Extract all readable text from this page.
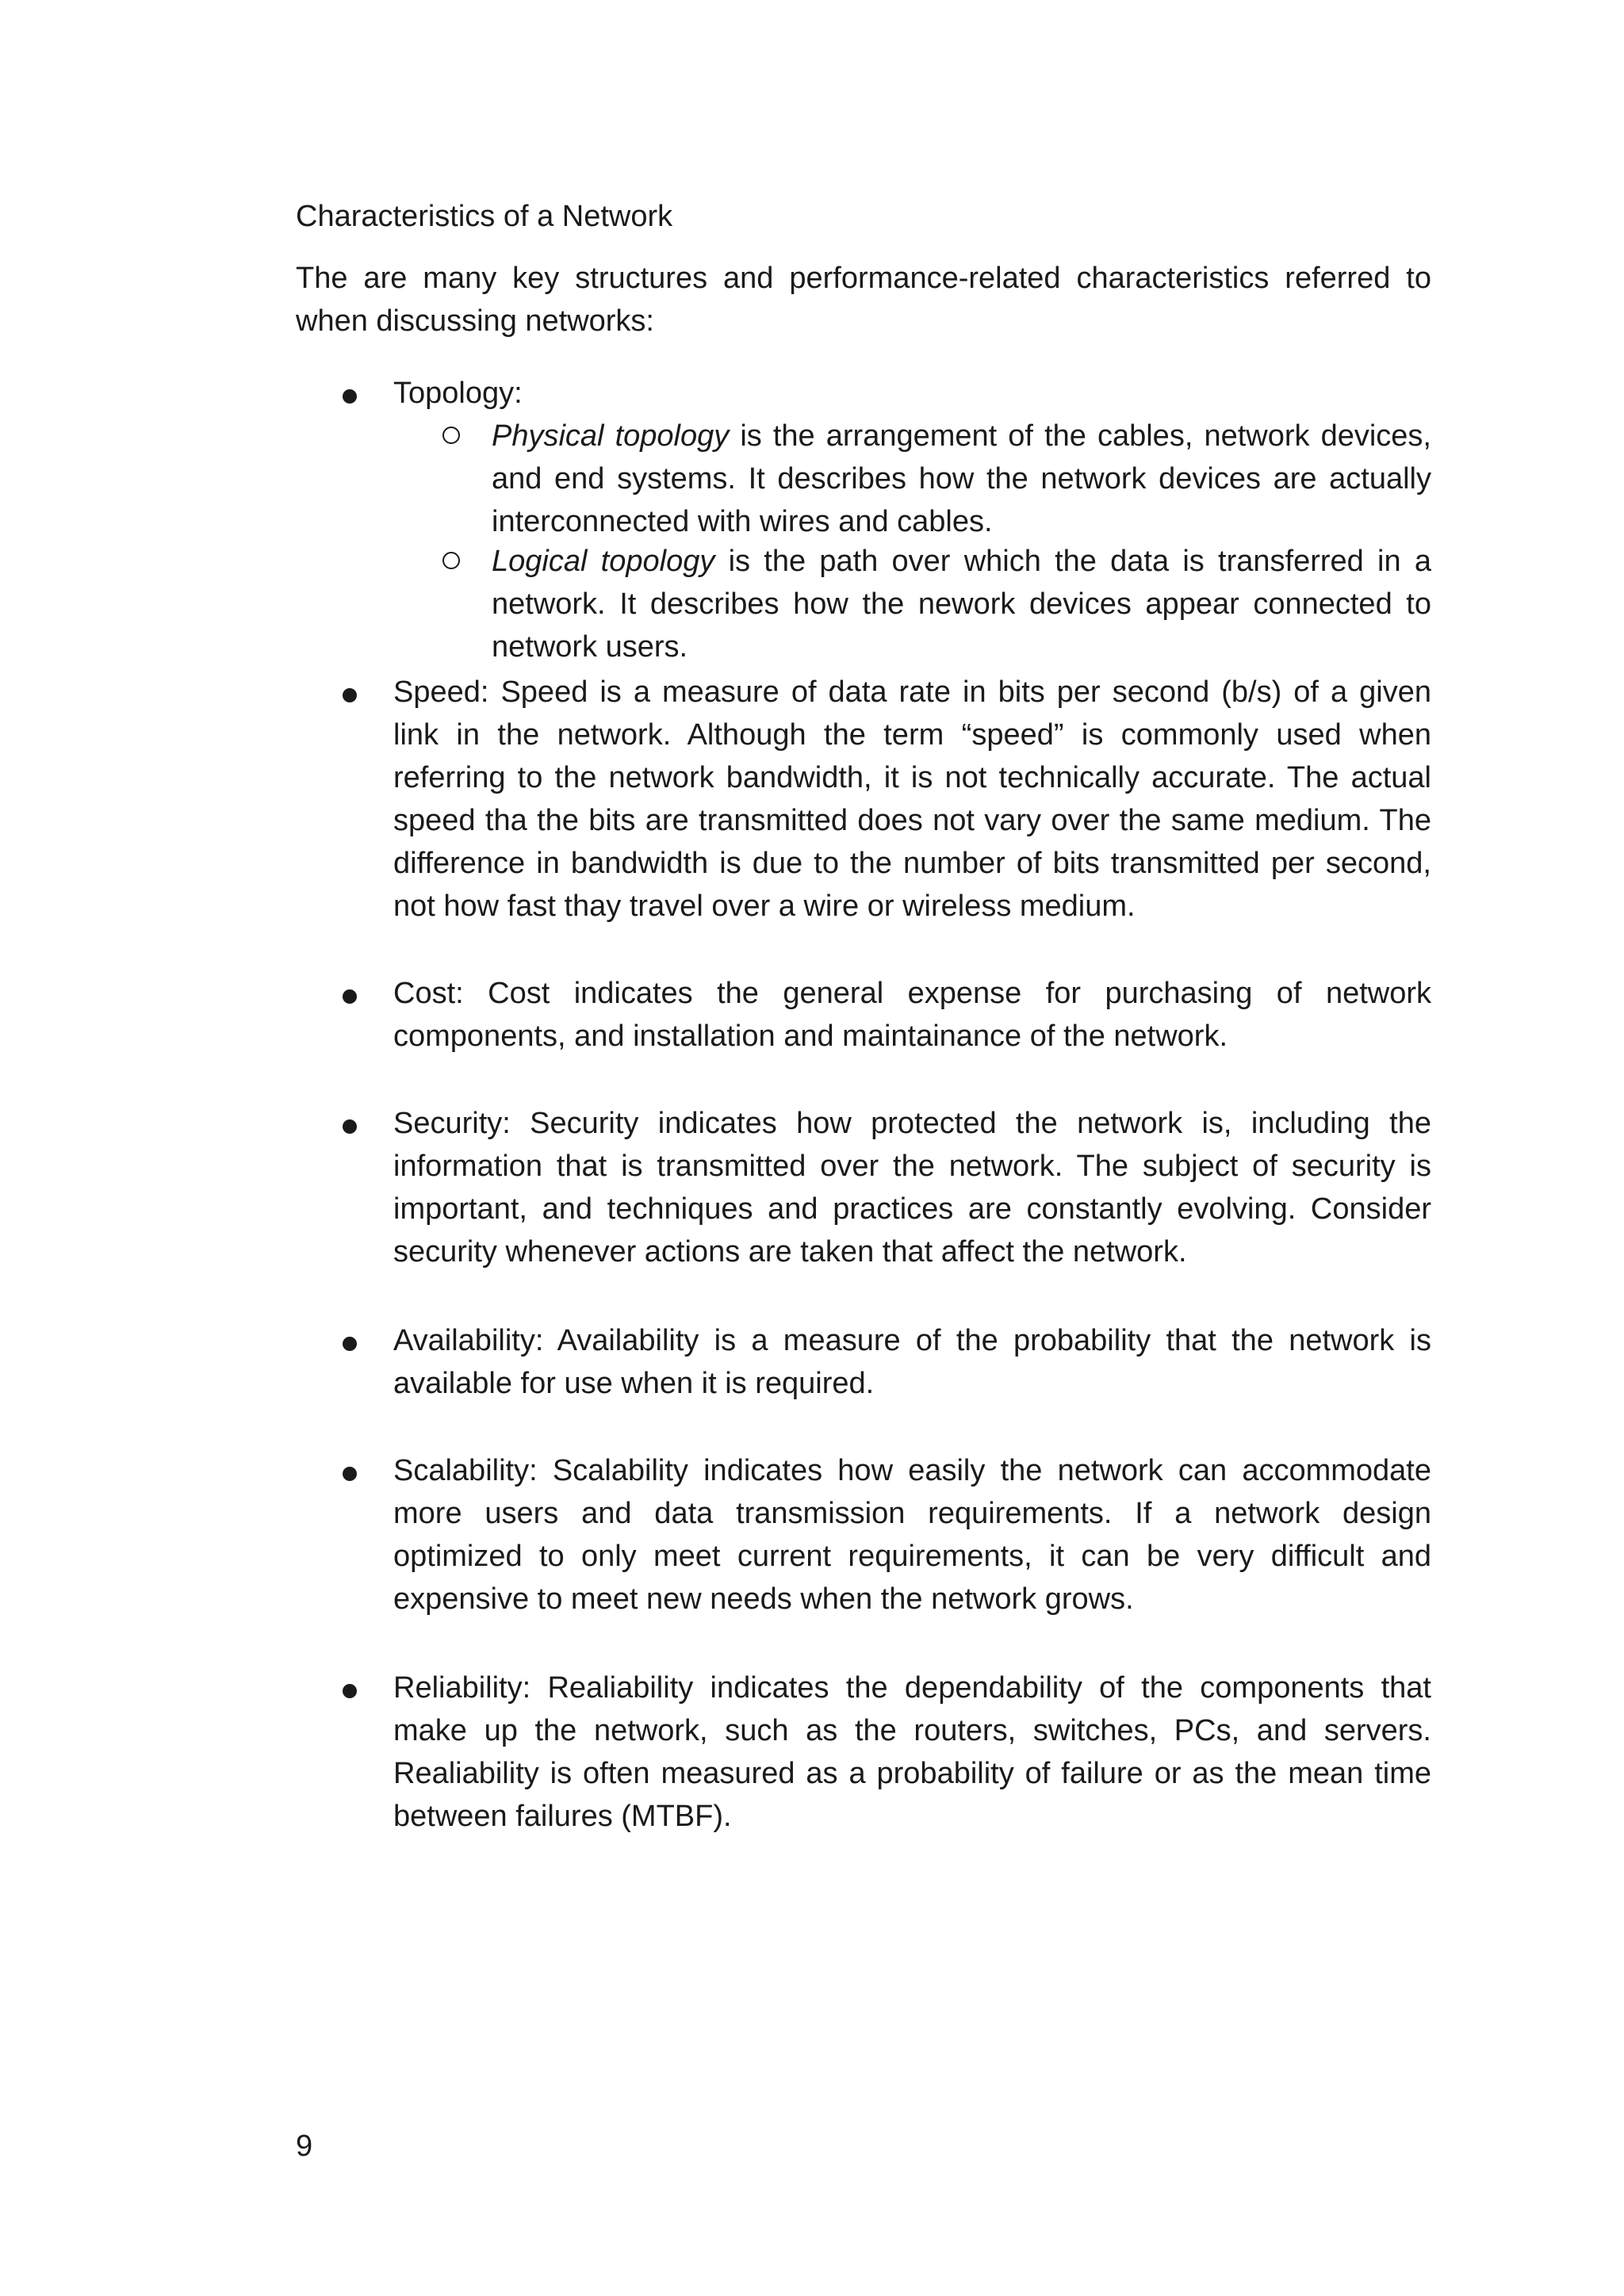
Characteristics of a Network

The are many key structures and performance-related characteristics referred to when discussing networks:

Topology:
Physical topology is the arrangement of the cables, network devices, and end systems. It describes how the network devices are actually interconnected with wires and cables.
Logical topology is the path over which the data is transferred in a network. It describes how the nework devices appear connected to network users.
Speed: Speed is a measure of data rate in bits per second (b/s) of a given link in the network. Although the term “speed” is commonly used when referring to the network bandwidth, it is not technically accurate. The actual speed tha the bits are transmitted does not vary over the same medium. The difference in bandwidth is due to the number of bits transmitted per second, not how fast thay travel over a wire or wireless medium.
Cost: Cost indicates the general expense for purchasing of network components, and installation and maintainance of the network.
Security: Security indicates how protected the network is, including the information that is transmitted over the network. The subject of security is important, and techniques and practices are constantly evolving. Consider security whenever actions are taken that affect the network.
Availability: Availability is a measure of the probability that the network is available for use when it is required.
Scalability: Scalability indicates how easily the network can accommodate more users and data transmission requirements. If a network design optimized to only meet current requirements, it can be very difficult and expensive to meet new needs when the network grows.
Reliability: Realiability indicates the dependability of the components that make up the network, such as the routers, switches, PCs, and servers. Realiability is often measured as a probability of failure or as the mean time between failures (MTBF).
9
